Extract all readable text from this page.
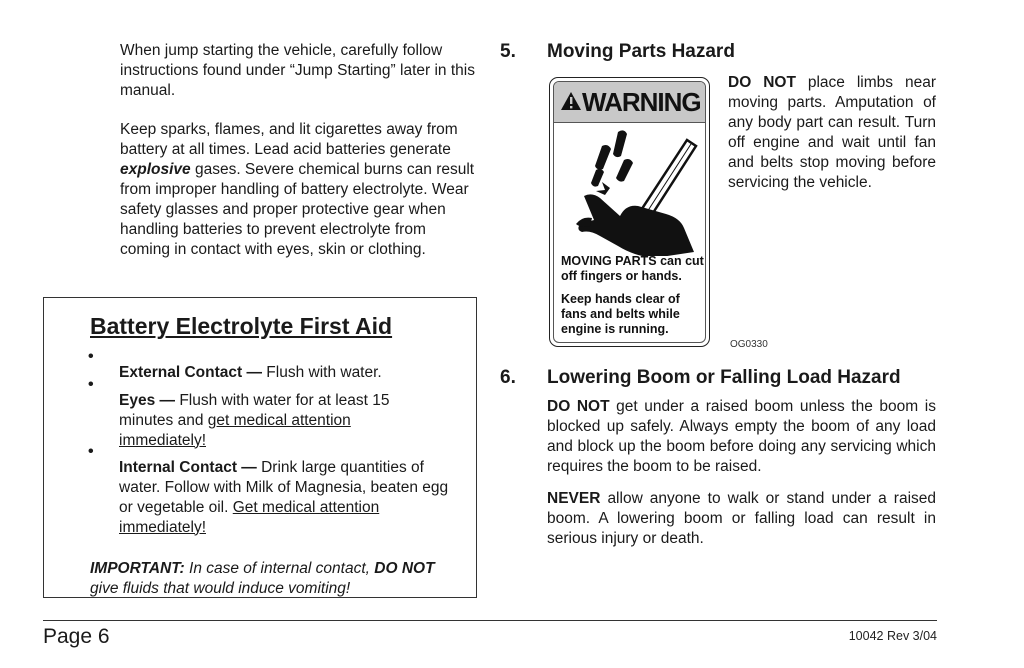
When jump starting the vehicle, carefully follow instructions found under “Jump Starting” later in this manual.

Keep sparks, flames, and lit cigarettes away from battery at all times. Lead acid batteries generate explosive gases. Severe chemical burns can result from improper handling of battery electrolyte. Wear safety glasses and proper protective gear when handling batteries to prevent electrolyte from coming in contact with eyes, skin or clothing.

Battery Electrolyte First Aid
•

External Contact — Flush with water.

•

Eyes — Flush with water for at least 15 minutes and get medical attention immediately!

•

Internal Contact — Drink large quantities of water. Follow with Milk of Magnesia, beaten egg or vegetable oil. Get medical attention immediately!

IMPORTANT: In case of internal contact, DO NOT give fluids that would induce vomiting!

5. Moving Parts Hazard
WARNING
MOVING PARTS can cut off fingers or hands.
Keep hands clear of fans and belts while engine is running.
OG0330

DO NOT place limbs near moving parts. Amputation of any body part can result. Turn off engine and wait until fan and belts stop moving before servicing the vehicle.

6. Lowering Boom or Falling Load Hazard

DO NOT get under a raised boom unless the boom is blocked up safely. Always empty the boom of any load and block up the boom before doing any servicing which requires the boom to be raised.

NEVER allow anyone to walk or stand under a raised boom. A lowering boom or falling load can result in serious injury or death.

Page 6	10042 Rev 3/04
